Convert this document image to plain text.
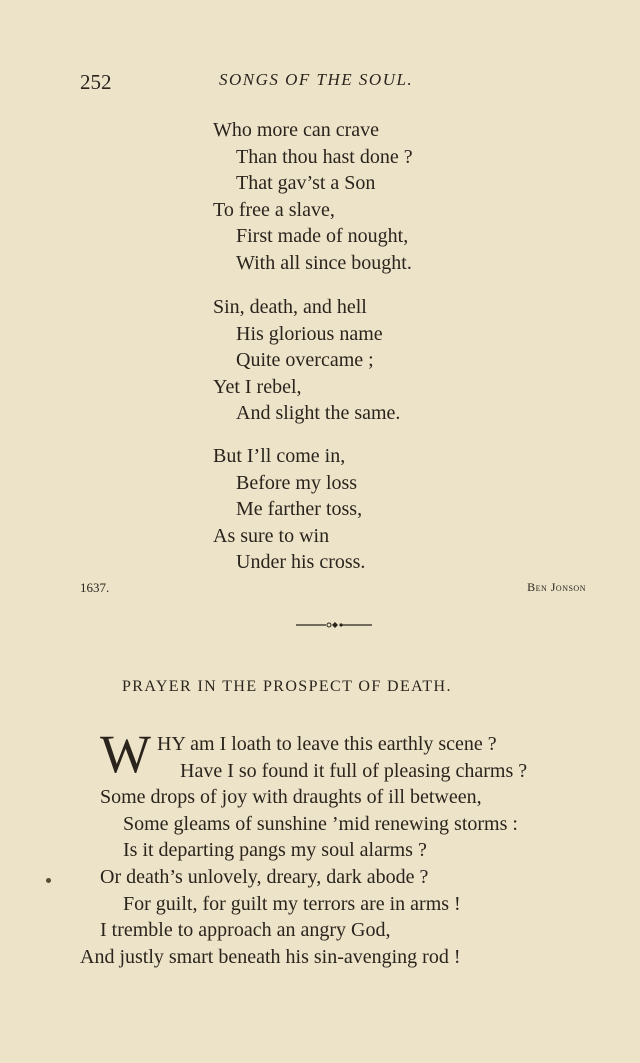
252	SONGS OF THE SOUL.
Who more can crave
Than thou hast done ?
That gav’st a Son
To free a slave,
First made of nought,
With all since bought.
Sin, death, and hell
His glorious name
Quite overcame ;
Yet I rebel,
And slight the same.
But I’ll come in,
Before my loss
Me farther toss,
As sure to win
Under his cross.
1637.	Ben Jonson
PRAYER IN THE PROSPECT OF DEATH.
W HY am I loath to leave this earthly scene ?
Have I so found it full of pleasing charms ?
Some drops of joy with draughts of ill between,
Some gleams of sunshine ’mid renewing storms :
Is it departing pangs my soul alarms ?
Or death’s unlovely, dreary, dark abode ?
For guilt, for guilt my terrors are in arms !
I tremble to approach an angry God,
And justly smart beneath his sin-avenging rod !
